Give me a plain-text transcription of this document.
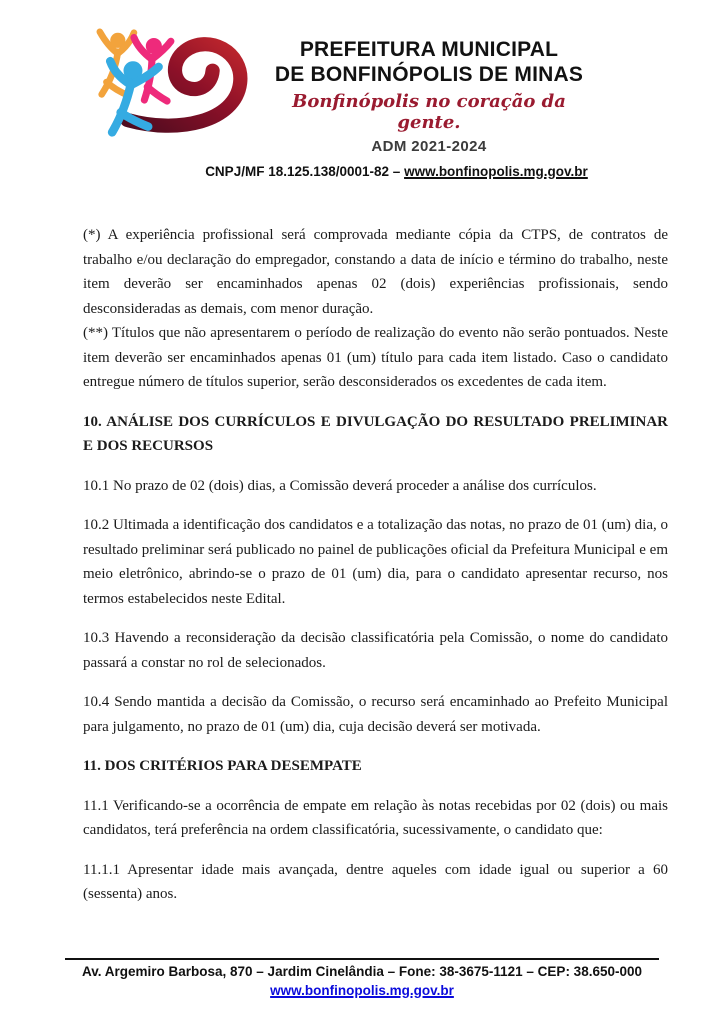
PREFEITURA MUNICIPAL
DE BONFINÓPOLIS DE MINAS
Bonfinópolis no coração da gente.
ADM 2021-2024
CNPJ/MF 18.125.138/0001-82 – www.bonfinopolis.mg.gov.br

(*) A experiência profissional será comprovada mediante cópia da CTPS, de contratos de trabalho e/ou declaração do empregador, constando a data de início e término do trabalho, neste item deverão ser encaminhados apenas 02 (dois) experiências profissionais, sendo desconsideradas as demais, com menor duração.

(**) Títulos que não apresentarem o período de realização do evento não serão pontuados. Neste item deverão ser encaminhados apenas 01 (um) título para cada item listado. Caso o candidato entregue número de títulos superior, serão desconsiderados os excedentes de cada item.

10. ANÁLISE DOS CURRÍCULOS E DIVULGAÇÃO DO RESULTADO PRELIMINAR E DOS RECURSOS

10.1 No prazo de 02 (dois) dias, a Comissão deverá proceder a análise dos currículos.

10.2 Ultimada a identificação dos candidatos e a totalização das notas, no prazo de 01 (um) dia, o resultado preliminar será publicado no painel de publicações oficial da Prefeitura Municipal e em meio eletrônico, abrindo-se o prazo de 01 (um) dia, para o candidato apresentar recurso, nos termos estabelecidos neste Edital.

10.3 Havendo a reconsideração da decisão classificatória pela Comissão, o nome do candidato passará a constar no rol de selecionados.

10.4 Sendo mantida a decisão da Comissão, o recurso será encaminhado ao Prefeito Municipal para julgamento, no prazo de 01 (um) dia, cuja decisão deverá ser motivada.

11. DOS CRITÉRIOS PARA DESEMPATE

11.1 Verificando-se a ocorrência de empate em relação às notas recebidas por 02 (dois) ou mais candidatos, terá preferência na ordem classificatória, sucessivamente, o candidato que:

11.1.1 Apresentar idade mais avançada, dentre aqueles com idade igual ou superior a 60 (sessenta) anos.

Av. Argemiro Barbosa, 870 – Jardim Cinelândia – Fone: 38-3675-1121 – CEP: 38.650-000
www.bonfinopolis.mg.gov.br
